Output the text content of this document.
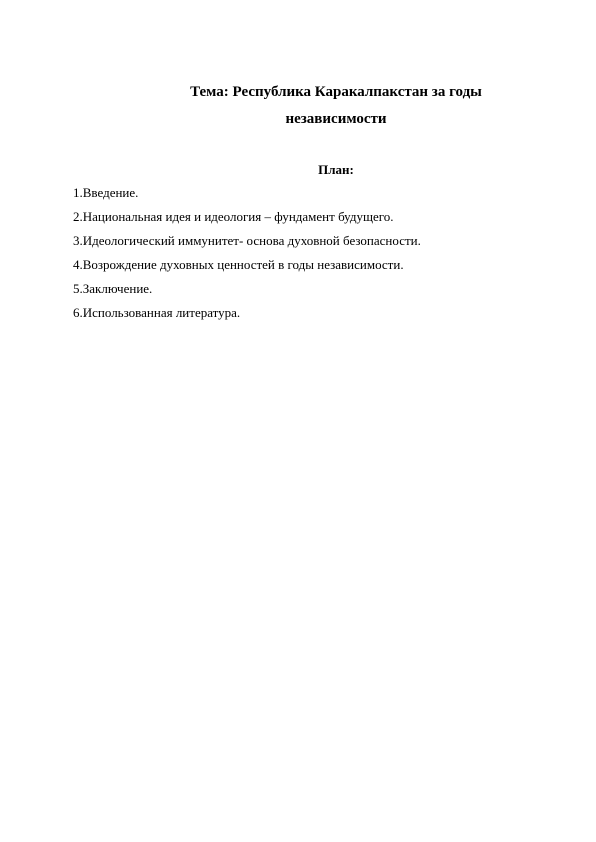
Тема: Республика Каракалпакстан за годы
независимости
План:
1.Введение.
2.Национальная идея и идеология – фундамент будущего.
3.Идеологический иммунитет- основа духовной безопасности.
4.Возрождение духовных ценностей в годы независимости.
5.Заключение.
6.Использованная литература.
